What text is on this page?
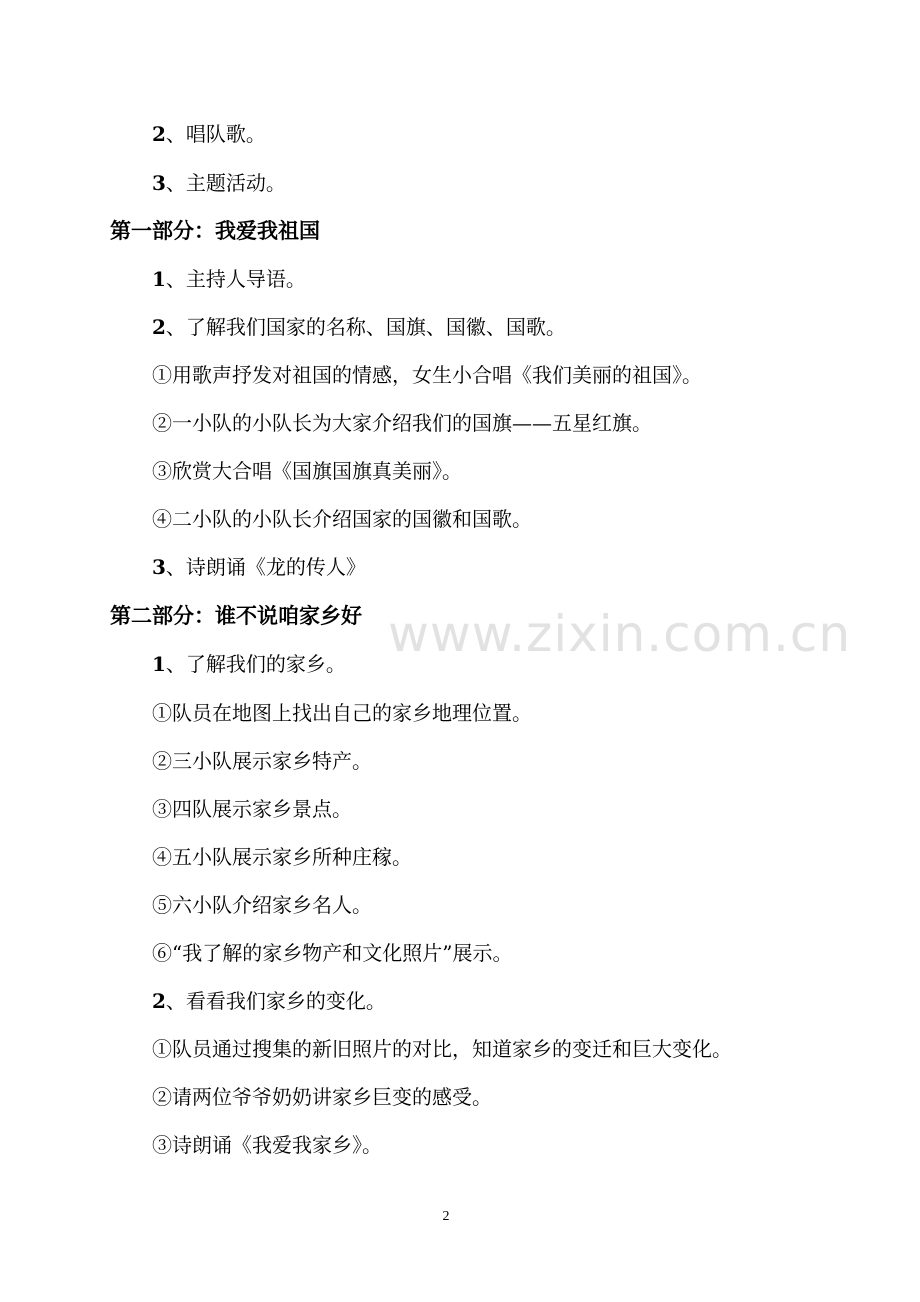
2、唱队歌。
3、主题活动。
第一部分：我爱我祖国
1、主持人导语。
2、了解我们国家的名称、国旗、国徽、国歌。
①用歌声抒发对祖国的情感，女生小合唱《我们美丽的祖国》。
②一小队的小队长为大家介绍我们的国旗——五星红旗。
③欣赏大合唱《国旗国旗真美丽》。
④二小队的小队长介绍国家的国徽和国歌。
3、诗朗诵《龙的传人》
第二部分：谁不说咱家乡好
1、了解我们的家乡。
①队员在地图上找出自己的家乡地理位置。
②三小队展示家乡特产。
③四队展示家乡景点。
④五小队展示家乡所种庄稼。
⑤六小队介绍家乡名人。
⑥“我了解的家乡物产和文化照片”展示。
2、看看我们家乡的变化。
①队员通过搜集的新旧照片的对比，知道家乡的变迁和巨大变化。
②请两位爷爷奶奶讲家乡巨变的感受。
③诗朗诵《我爱我家乡》。
www.zixin.com.cn
2
